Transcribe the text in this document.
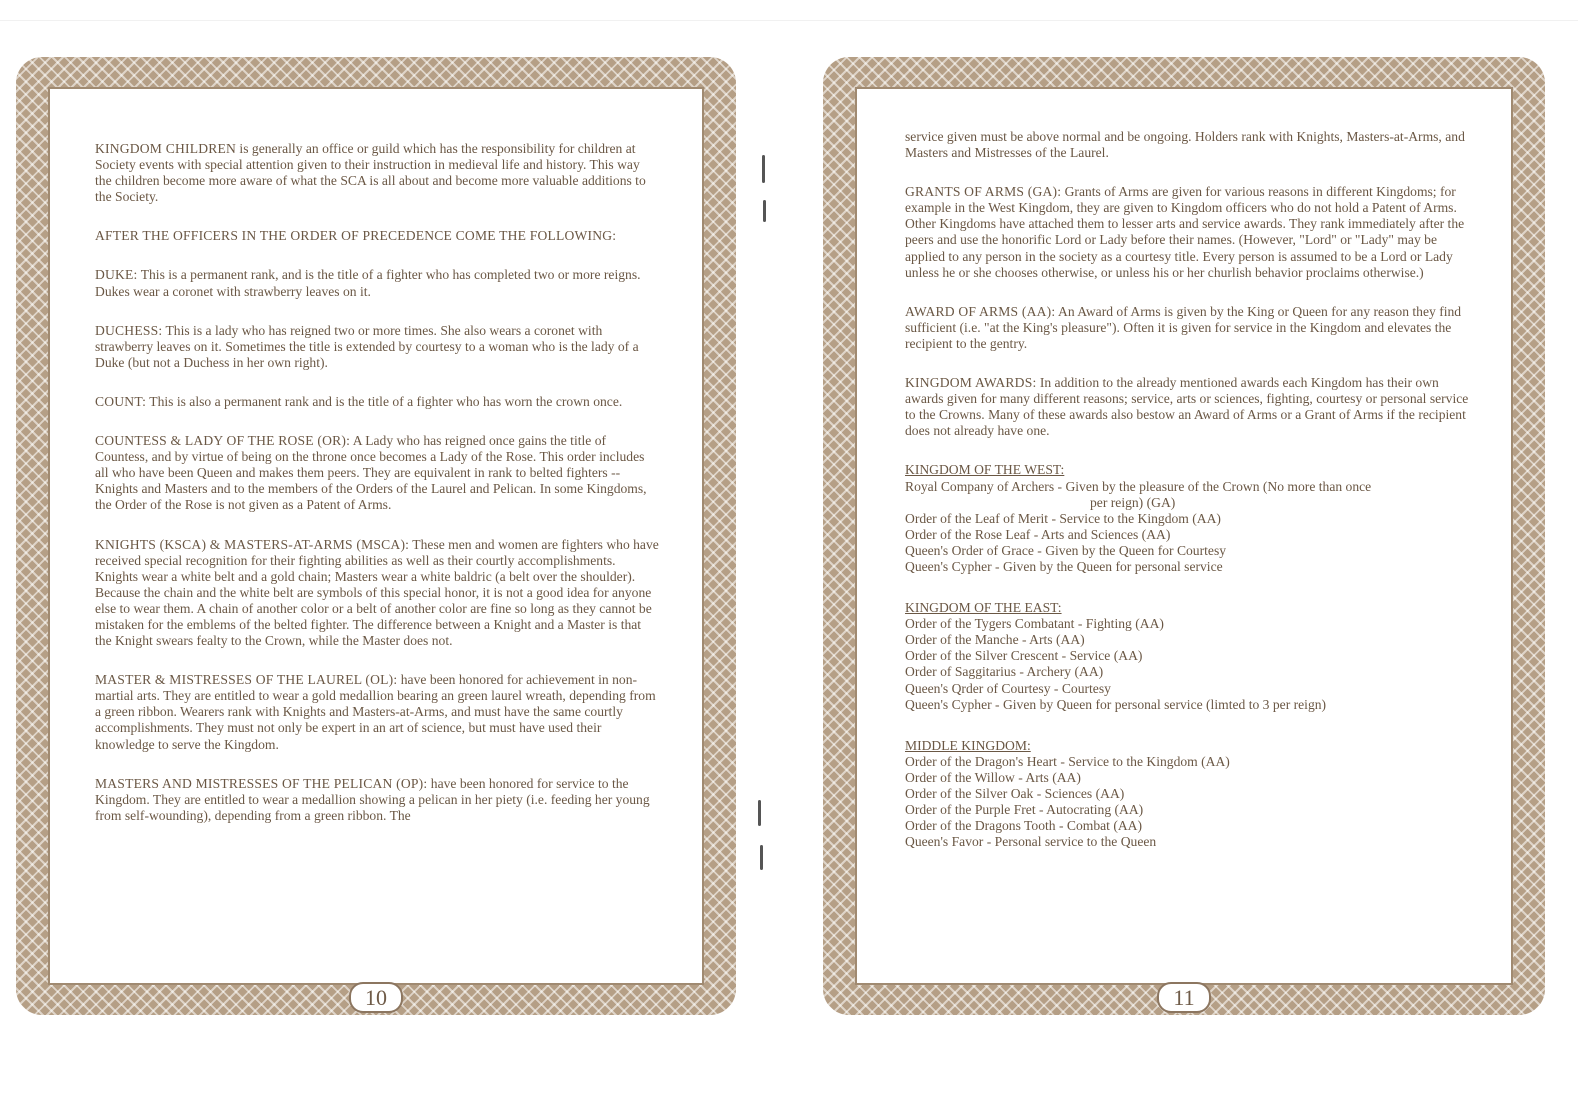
10

KINGDOM CHILDREN is generally an office or guild which has the responsibility for children at Society events with special attention given to their instruction in medieval life and history. This way the children become more aware of what the SCA is all about and become more valuable additions to the Society.

AFTER THE OFFICERS IN THE ORDER OF PRECEDENCE COME THE FOLLOWING:

DUKE: This is a permanent rank, and is the title of a fighter who has completed two or more reigns. Dukes wear a coronet with strawberry leaves on it.

DUCHESS: This is a lady who has reigned two or more times. She also wears a coronet with strawberry leaves on it. Sometimes the title is extended by courtesy to a woman who is the lady of a Duke (but not a Duchess in her own right).

COUNT: This is also a permanent rank and is the title of a fighter who has worn the crown once.

COUNTESS & LADY OF THE ROSE (OR): A Lady who has reigned once gains the title of Countess, and by virtue of being on the throne once becomes a Lady of the Rose. This order includes all who have been Queen and makes them peers. They are equivalent in rank to belted fighters -- Knights and Masters and to the members of the Orders of the Laurel and Pelican. In some Kingdoms, the Order of the Rose is not given as a Patent of Arms.

KNIGHTS (KSCA) & MASTERS-AT-ARMS (MSCA): These men and women are fighters who have received special recognition for their fighting abilities as well as their courtly accomplishments. Knights wear a white belt and a gold chain; Masters wear a white baldric (a belt over the shoulder). Because the chain and the white belt are symbols of this special honor, it is not a good idea for anyone else to wear them. A chain of another color or a belt of another color are fine so long as they cannot be mistaken for the emblems of the belted fighter. The difference between a Knight and a Master is that the Knight swears fealty to the Crown, while the Master does not.

MASTER & MISTRESSES OF THE LAUREL (OL): have been honored for achievement in non-martial arts. They are entitled to wear a gold medallion bearing an green laurel wreath, depending from a green ribbon. Wearers rank with Knights and Masters-at-Arms, and must have the same courtly accomplishments. They must not only be expert in an art of science, but must have used their knowledge to serve the Kingdom.

MASTERS AND MISTRESSES OF THE PELICAN (OP): have been honored for service to the Kingdom. They are entitled to wear a medallion showing a pelican in her piety (i.e. feeding her young from self-wounding), depending from a green ribbon. The

11

service given must be above normal and be ongoing. Holders rank with Knights, Masters-at-Arms, and Masters and Mistresses of the Laurel.

GRANTS OF ARMS (GA): Grants of Arms are given for various reasons in different Kingdoms; for example in the West Kingdom, they are given to Kingdom officers who do not hold a Patent of Arms. Other Kingdoms have attached them to lesser arts and service awards. They rank immediately after the peers and use the honorific Lord or Lady before their names. (However, "Lord" or "Lady" may be applied to any person in the society as a courtesy title. Every person is assumed to be a Lord or Lady unless he or she chooses otherwise, or unless his or her churlish behavior proclaims otherwise.)

AWARD OF ARMS (AA): An Award of Arms is given by the King or Queen for any reason they find sufficient (i.e. "at the King's pleasure"). Often it is given for service in the Kingdom and elevates the recipient to the gentry.

KINGDOM AWARDS: In addition to the already mentioned awards each Kingdom has their own awards given for many different reasons; service, arts or sciences, fighting, courtesy or personal service to the Crowns. Many of these awards also bestow an Award of Arms or a Grant of Arms if the recipient does not already have one.

KINGDOM OF THE WEST:
Royal Company of Archers - Given by the pleasure of the Crown (No more than once
per reign) (GA)
Order of the Leaf of Merit - Service to the Kingdom (AA)
Order of the Rose Leaf - Arts and Sciences (AA)
Queen's Order of Grace - Given by the Queen for Courtesy
Queen's Cypher - Given by the Queen for personal service
KINGDOM OF THE EAST:
Order of the Tygers Combatant - Fighting (AA)
Order of the Manche - Arts (AA)
Order of the Silver Crescent - Service (AA)
Order of Saggitarius - Archery (AA)
Queen's Qrder of Courtesy - Courtesy
Queen's Cypher - Given by Queen for personal service (limted to 3 per reign)
MIDDLE KINGDOM:
Order of the Dragon's Heart - Service to the Kingdom (AA)
Order of the Willow - Arts (AA)
Order of the Silver Oak - Sciences (AA)
Order of the Purple Fret - Autocrating (AA)
Order of the Dragons Tooth - Combat (AA)
Queen's Favor - Personal service to the Queen
